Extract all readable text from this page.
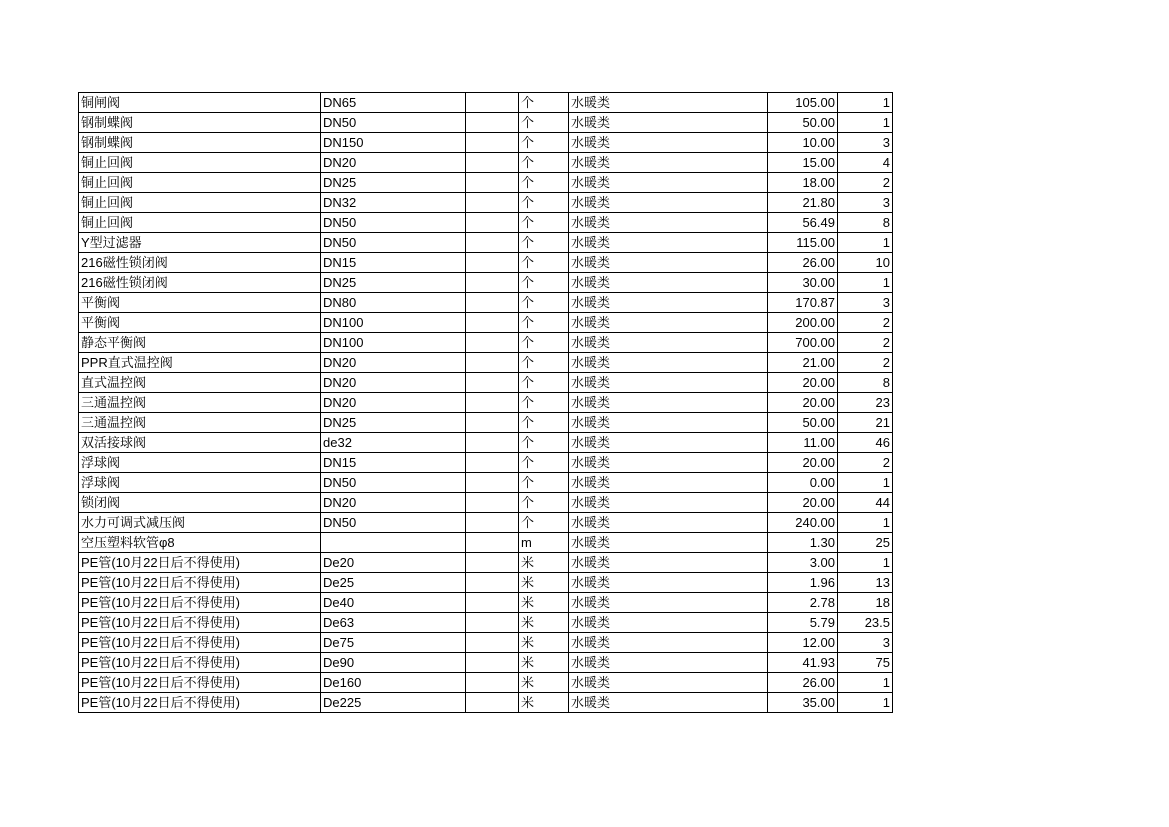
铜闸阀	DN65		个	水暖类	105.00	1
钢制蝶阀	DN50		个	水暖类	50.00	1
钢制蝶阀	DN150		个	水暖类	10.00	3
铜止回阀	DN20		个	水暖类	15.00	4
铜止回阀	DN25		个	水暖类	18.00	2
铜止回阀	DN32		个	水暖类	21.80	3
铜止回阀	DN50		个	水暖类	56.49	8
Y型过滤器	DN50		个	水暖类	115.00	1
216磁性锁闭阀	DN15		个	水暖类	26.00	10
216磁性锁闭阀	DN25		个	水暖类	30.00	1
平衡阀	DN80		个	水暖类	170.87	3
平衡阀	DN100		个	水暖类	200.00	2
静态平衡阀	DN100		个	水暖类	700.00	2
PPR直式温控阀	DN20		个	水暖类	21.00	2
直式温控阀	DN20		个	水暖类	20.00	8
三通温控阀	DN20		个	水暖类	20.00	23
三通温控阀	DN25		个	水暖类	50.00	21
双活接球阀	de32		个	水暖类	11.00	46
浮球阀	DN15		个	水暖类	20.00	2
浮球阀	DN50		个	水暖类	0.00	1
锁闭阀	DN20		个	水暖类	20.00	44
水力可调式减压阀	DN50		个	水暖类	240.00	1
空压塑料软管φ8			m	水暖类	1.30	25
PE管(10月22日后不得使用)	De20		米	水暖类	3.00	1
PE管(10月22日后不得使用)	De25		米	水暖类	1.96	13
PE管(10月22日后不得使用)	De40		米	水暖类	2.78	18
PE管(10月22日后不得使用)	De63		米	水暖类	5.79	23.5
PE管(10月22日后不得使用)	De75		米	水暖类	12.00	3
PE管(10月22日后不得使用)	De90		米	水暖类	41.93	75
PE管(10月22日后不得使用)	De160		米	水暖类	26.00	1
PE管(10月22日后不得使用)	De225		米	水暖类	35.00	1
